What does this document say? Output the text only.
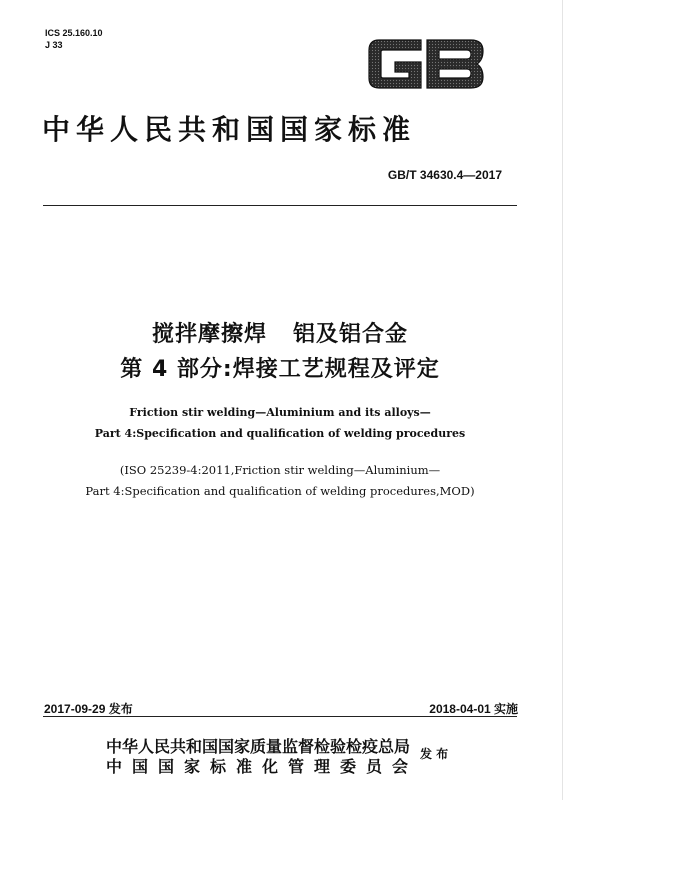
ICS 25.160.10
J 33
GB
中华人民共和国国家标准
GB/T 34630.4—2017
搅拌摩擦焊   铝及铝合金
第 4 部分:焊接工艺规程及评定
Friction stir welding—Aluminium and its alloys—
Part 4:Specification and qualification of welding procedures
(ISO 25239-4:2011,Friction stir welding—Aluminium—
Part 4:Specification and qualification of welding procedures,MOD)
2017-09-29 发布	2018-04-01 实施
中华人民共和国国家质量监督检验检疫总局
中国国家标准化管理委员会
发 布
